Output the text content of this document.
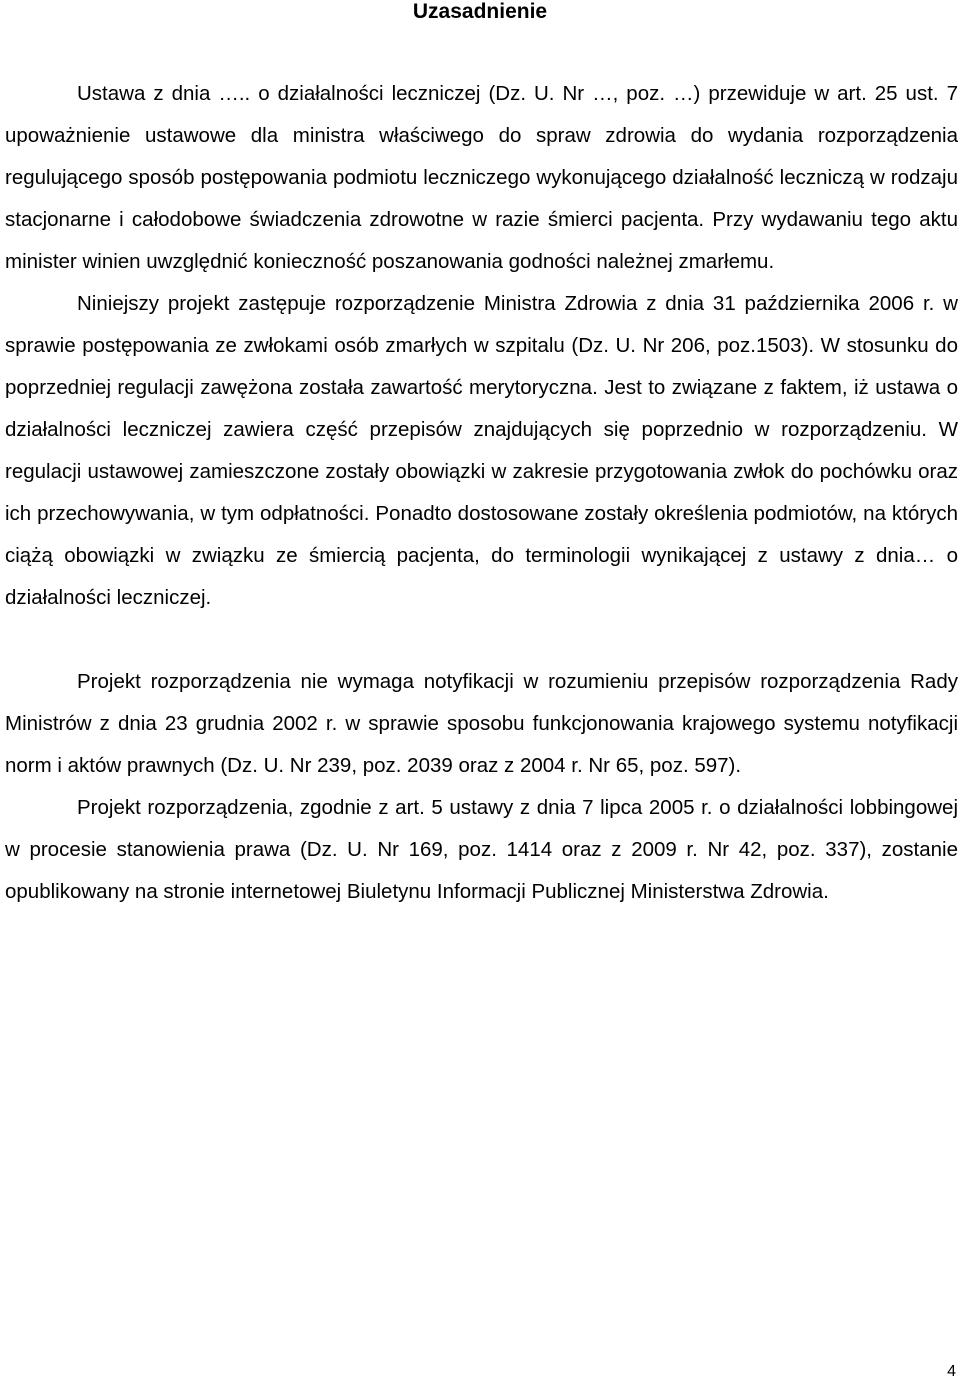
Uzasadnienie

Ustawa z dnia ….. o działalności leczniczej (Dz. U. Nr …, poz. …) przewiduje w art. 25 ust. 7 upoważnienie ustawowe dla ministra właściwego do spraw zdrowia do wydania rozporządzenia regulującego sposób postępowania podmiotu leczniczego wykonującego działalność leczniczą w rodzaju stacjonarne i całodobowe świadczenia zdrowotne w razie śmierci pacjenta. Przy wydawaniu tego aktu minister winien uwzględnić konieczność poszanowania godności należnej zmarłemu.

Niniejszy projekt zastępuje rozporządzenie Ministra Zdrowia z dnia 31 października 2006 r. w sprawie postępowania ze zwłokami osób zmarłych w szpitalu (Dz. U. Nr 206, poz.1503). W stosunku do poprzedniej regulacji zawężona została zawartość merytoryczna. Jest to związane z faktem, iż ustawa o działalności leczniczej zawiera część przepisów znajdujących się poprzednio w rozporządzeniu. W regulacji ustawowej zamieszczone zostały obowiązki w zakresie przygotowania zwłok do pochówku oraz ich przechowywania, w tym odpłatności. Ponadto dostosowane zostały określenia podmiotów, na których ciążą obowiązki w związku ze śmiercią pacjenta, do terminologii wynikającej z ustawy z dnia… o działalności leczniczej.

Projekt rozporządzenia nie wymaga notyfikacji w rozumieniu przepisów rozporządzenia Rady Ministrów z dnia 23 grudnia 2002 r. w sprawie sposobu funkcjonowania krajowego systemu notyfikacji norm i aktów prawnych (Dz. U. Nr 239, poz. 2039 oraz z 2004 r. Nr 65, poz. 597).

Projekt rozporządzenia, zgodnie z art. 5 ustawy z dnia 7 lipca 2005 r. o działalności lobbingowej w procesie stanowienia prawa (Dz. U. Nr 169, poz. 1414 oraz z 2009 r. Nr 42, poz. 337), zostanie opublikowany na stronie internetowej Biuletynu Informacji Publicznej Ministerstwa Zdrowia.

4
